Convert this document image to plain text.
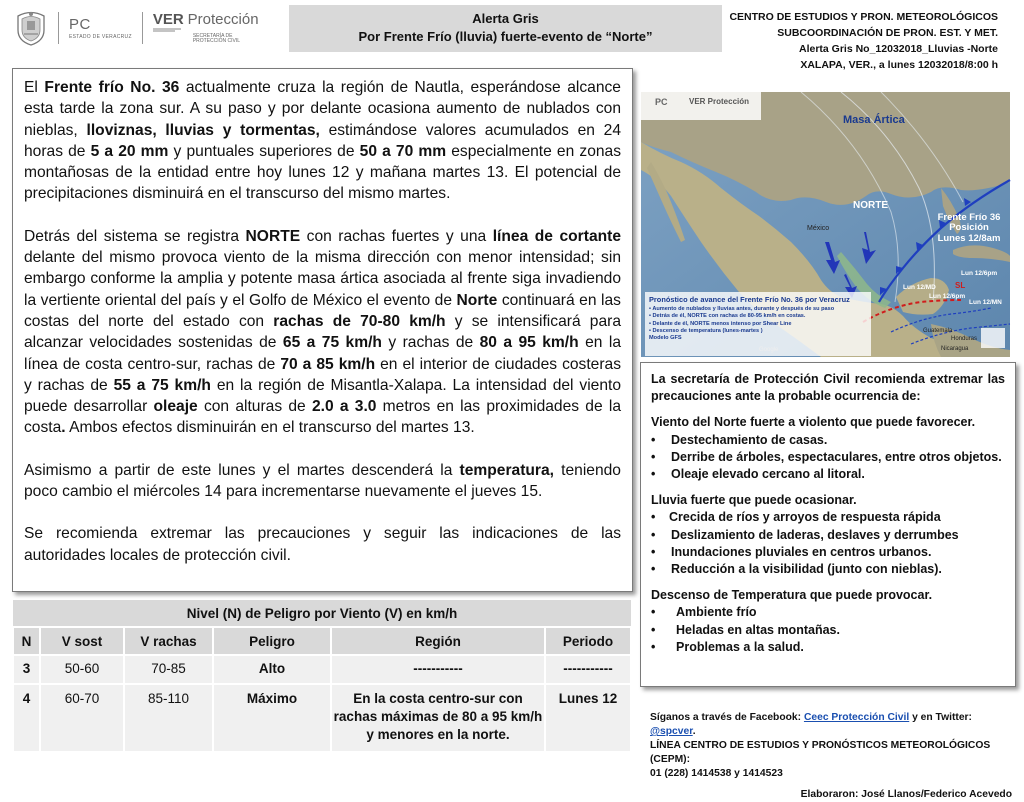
PC
ESTADO DE VERACRUZ
VER Protección
SECRETARÍA DE
PROTECCIÓN CIVIL
Alerta Gris
Por Frente Frío (lluvia) fuerte-evento de “Norte”
CENTRO DE ESTUDIOS Y PRON. METEOROLÓGICOS
SUBCOORDINACIÓN DE PRON. EST. Y MET.
Alerta Gris No_12032018_Lluvias -Norte
XALAPA, VER., a lunes 12032018/8:00 h

El Frente frío No. 36 actualmente cruza la región de Nautla, esperándose alcance esta tarde la zona sur. A su paso y por delante ocasiona aumento de nublados con nieblas, lloviznas, lluvias y tormentas, estimándose valores acumulados en 24 horas de 5 a 20 mm y puntuales superiores de 50 a 70 mm especialmente en zonas montañosas de la entidad entre hoy lunes 12 y mañana martes 13. El potencial de precipitaciones disminuirá en el transcurso del mismo martes.

Detrás del sistema se registra NORTE con rachas fuertes y una línea de cortante delante del mismo provoca viento de la misma dirección con menor intensidad; sin embargo conforme la amplia y potente masa ártica asociada al frente siga invadiendo la vertiente oriental del país y el Golfo de México el evento de Norte continuará en las costas del norte del estado con rachas de 70-80 km/h y se intensificará para alcanzar velocidades sostenidas de 65 a 75 km/h y rachas de 80 a 95 km/h en la línea de costa centro-sur, rachas de 70 a 85 km/h en el interior de ciudades costeras y rachas de 55 a 75 km/h en la región de Misantla-Xalapa. La intensidad del viento puede desarrollar oleaje con alturas de 2.0 a 3.0 metros en las proximidades de la costa. Ambos efectos disminuirán en el transcurso del martes 13.

Asimismo a partir de este lunes y el martes descenderá la temperatura, teniendo poco cambio el miércoles 14 para incrementarse nuevamente el jueves 15.

Se recomienda extremar las precauciones y seguir las indicaciones de las autoridades locales de protección civil.

Nivel (N) de Peligro por Viento (V) en km/h					
N	V sost	V rachas	Peligro	Región	Periodo
3	50-60	70-85	Alto	-----------	-----------
4	60-70	85-110	Máximo	En la costa centro-sur con rachas máximas de 80 a 95 km/h y menores en la norte.	Lunes 12
PC	VER Protección
Masa Ártica
NORTE
Frente Frío 36
Posición
Lunes 12/8am
México
SL
Lun 12/6pm
Lun 12/MD
Lun 12/6pm
Lun 12/MN
Guatemala
Honduras
Nicaragua
Pronóstico de avance del Frente Frío No. 36 por Veracruz
• Aumento de nublados y lluvias antes, durante y después de su paso
• Detrás de él, NORTE con rachas de 80-95 km/h en costas.
• Delante de él, NORTE menos intenso por Shear Line
• Descenso de temperatura (lunes-martes )
Modelo GFS
Google
La secretaría de Protección Civil recomienda extremar las precauciones ante la probable ocurrencia de:
Viento del Norte fuerte a violento que puede favorecer.
• Destechamiento de casas.
• Derribe de árboles, espectaculares, entre otros objetos.
• Oleaje elevado cercano al litoral.
Lluvia fuerte que puede ocasionar.
• Crecida de ríos y arroyos de respuesta rápida
• Deslizamiento de laderas, deslaves y derrumbes
• Inundaciones pluviales en centros urbanos.
• Reducción a la visibilidad (junto con nieblas).
Descenso de Temperatura que puede provocar.
• Ambiente frío
• Heladas en altas montañas.
• Problemas a la salud.
Síganos a través de Facebook: Ceec Protección Civil y en Twitter: @spcver.
LÍNEA CENTRO DE ESTUDIOS Y PRONÓSTICOS METEOROLÓGICOS (CEPM):
01 (228) 1414538 y 1414523
Elaboraron: José Llanos/Federico Acevedo
